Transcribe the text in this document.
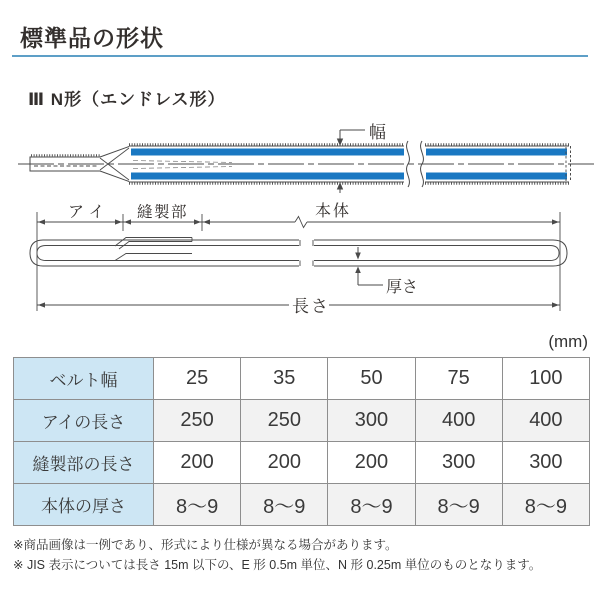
標準品の形状
Ⅲ N形（エンドレス形）
幅
アイ 縫製部	本体
厚さ
長さ
(mm)
ベルト幅	25	35	50	75	100
アイの長さ	250	250	300	400	400
縫製部の長さ	200	200	200	300	300
本体の厚さ	8～9	8～9	8～9	8～9	8～9

※商品画像は一例であり、形式により仕様が異なる場合があります。

※ JIS 表示については長さ 15m 以下の、E 形 0.5m 単位、N 形 0.25m 単位のものとなります。
